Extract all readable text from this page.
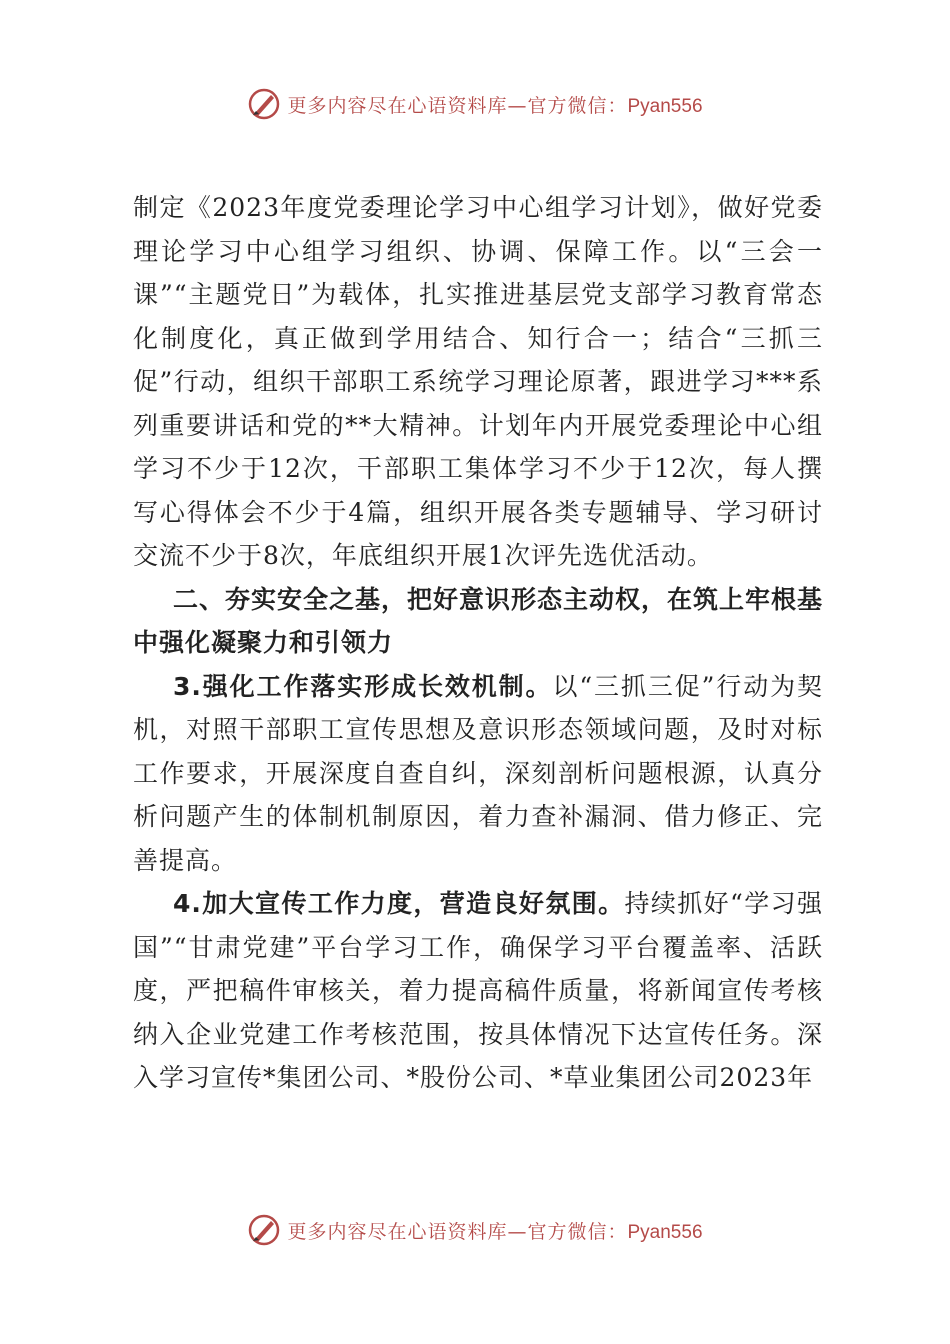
更多内容尽在心语资料库—官方微信：Pyan556

制定《2023年度党委理论学习中心组学习计划》，做好党委理论学习中心组学习组织、协调、保障工作。以“三会一课”“主题党日”为载体，扎实推进基层党支部学习教育常态化制度化，真正做到学用结合、知行合一；结合“三抓三促”行动，组织干部职工系统学习理论原著，跟进学习***系列重要讲话和党的**大精神。计划年内开展党委理论中心组学习不少于12次，干部职工集体学习不少于12次，每人撰写心得体会不少于4篇，组织开展各类专题辅导、学习研讨交流不少于8次，年底组织开展1次评先选优活动。

二、夯实安全之基，把好意识形态主动权，在筑上牢根基中强化凝聚力和引领力

3.强化工作落实形成长效机制。以“三抓三促”行动为契机，对照干部职工宣传思想及意识形态领域问题，及时对标工作要求，开展深度自查自纠，深刻剖析问题根源，认真分析问题产生的体制机制原因，着力查补漏洞、借力修正、完善提高。

4.加大宣传工作力度，营造良好氛围。持续抓好“学习强国”“甘肃党建”平台学习工作，确保学习平台覆盖率、活跃度，严把稿件审核关，着力提高稿件质量，将新闻宣传考核纳入企业党建工作考核范围，按具体情况下达宣传任务。深入学习宣传*集团公司、*股份公司、*草业集团公司2023年

更多内容尽在心语资料库—官方微信：Pyan556
